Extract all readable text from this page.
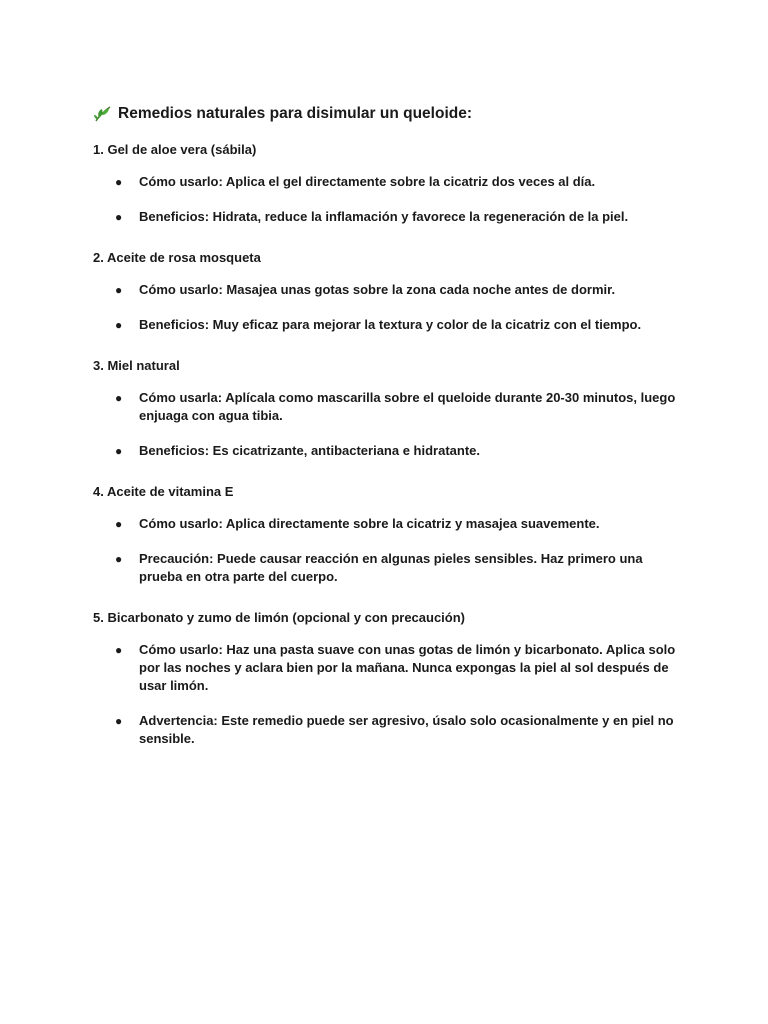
Remedios naturales para disimular un queloide:
1. Gel de aloe vera (sábila)
● Cómo usarlo: Aplica el gel directamente sobre la cicatriz dos veces al día.
● Beneficios: Hidrata, reduce la inflamación y favorece la regeneración de la piel.
2. Aceite de rosa mosqueta
● Cómo usarlo: Masajea unas gotas sobre la zona cada noche antes de dormir.
● Beneficios: Muy eficaz para mejorar la textura y color de la cicatriz con el tiempo.
3. Miel natural
● Cómo usarla: Aplícala como mascarilla sobre el queloide durante 20-30 minutos, luego enjuaga con agua tibia.
● Beneficios: Es cicatrizante, antibacteriana e hidratante.
4. Aceite de vitamina E
● Cómo usarlo: Aplica directamente sobre la cicatriz y masajea suavemente.
● Precaución: Puede causar reacción en algunas pieles sensibles. Haz primero una prueba en otra parte del cuerpo.
5. Bicarbonato y zumo de limón (opcional y con precaución)
● Cómo usarlo: Haz una pasta suave con unas gotas de limón y bicarbonato. Aplica solo por las noches y aclara bien por la mañana. Nunca expongas la piel al sol después de usar limón.
● Advertencia: Este remedio puede ser agresivo, úsalo solo ocasionalmente y en piel no sensible.
